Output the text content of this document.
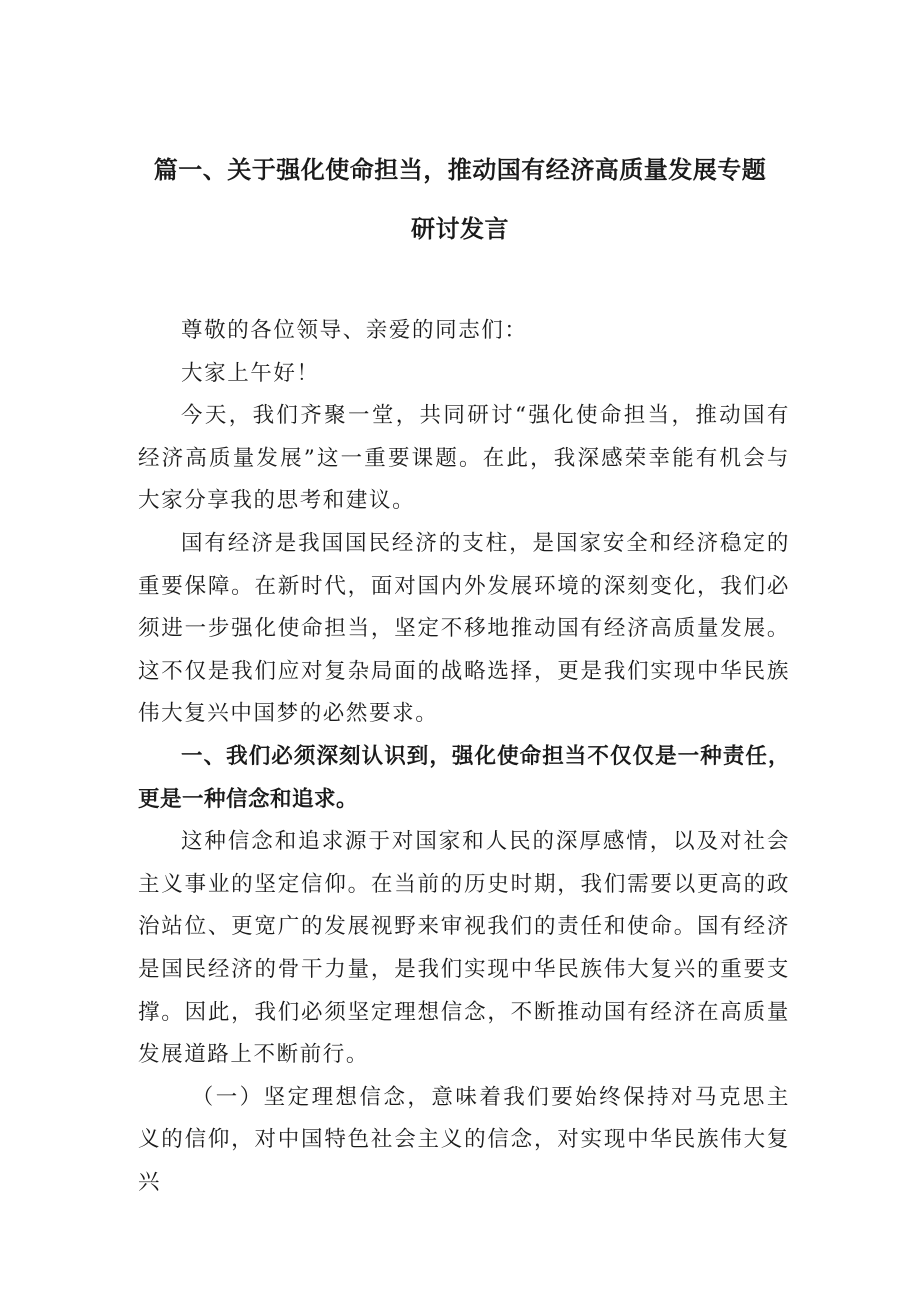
篇一、关于强化使命担当，推动国有经济高质量发展专题
研讨发言

尊敬的各位领导、亲爱的同志们：

大家上午好！

今天，我们齐聚一堂，共同研讨“强化使命担当，推动国有经济高质量发展”这一重要课题。在此，我深感荣幸能有机会与大家分享我的思考和建议。

国有经济是我国国民经济的支柱，是国家安全和经济稳定的重要保障。在新时代，面对国内外发展环境的深刻变化，我们必须进一步强化使命担当，坚定不移地推动国有经济高质量发展。这不仅是我们应对复杂局面的战略选择，更是我们实现中华民族伟大复兴中国梦的必然要求。

一、我们必须深刻认识到，强化使命担当不仅仅是一种责任，更是一种信念和追求。

这种信念和追求源于对国家和人民的深厚感情，以及对社会主义事业的坚定信仰。在当前的历史时期，我们需要以更高的政治站位、更宽广的发展视野来审视我们的责任和使命。国有经济是国民经济的骨干力量，是我们实现中华民族伟大复兴的重要支撑。因此，我们必须坚定理想信念，不断推动国有经济在高质量发展道路上不断前行。

（一）坚定理想信念，意味着我们要始终保持对马克思主义的信仰，对中国特色社会主义的信念，对实现中华民族伟大复兴
